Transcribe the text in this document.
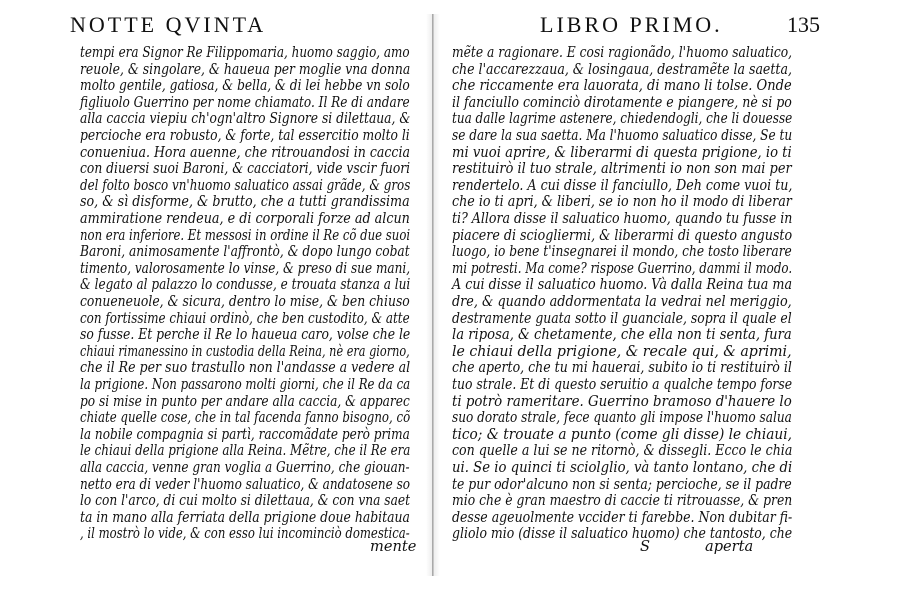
NOTTE QVINTA	LIBRO PRIMO.	135
tempi era Signor Re Filippomaria, huomo saggio, amo
reuole, & singolare, & haueua per moglie vna donna
molto gentile, gatiosa, & bella, & di lei hebbe vn solo
figliuolo Guerrino per nome chiamato. Il Re di andare
alla caccia viepiu ch'ogn'altro Signore si dilettaua, &
percioche era robusto, & forte, tal essercitio molto li
conueniua. Hora auenne, che ritrouandosi in caccia
con diuersi suoi Baroni, & cacciatori, vide vscir fuori
del folto bosco vn'huomo saluatico assai grãde, & gros
so, & sì disforme, & brutto, che a tutti grandissima
ammiratione rendeua, e di corporali forze ad alcun
non era inferiore. Et messosi in ordine il Re cõ due suoi
Baroni, animosamente l'affrontò, & dopo lungo cobat
timento, valorosamente lo vinse, & preso di sue mani,
& legato al palazzo lo condusse, e trouata stanza a lui
conueneuole, & sicura, dentro lo mise, & ben chiuso
con fortissime chiaui ordinò, che ben custodito, & atte
so fusse. Et perche il Re lo haueua caro, volse che le
chiaui rimanessino in custodia della Reina, nè era giorno,
che il Re per suo trastullo non l'andasse a vedere al
la prigione. Non passarono molti giorni, che il Re da ca
po si mise in punto per andare alla caccia, & apparec
chiate quelle cose, che in tal facenda fanno bisogno, cõ
la nobile compagnia si partì, raccomãdate però prima
le chiaui della prigione alla Reina. Mẽtre, che il Re era
alla caccia, venne gran voglia a Guerrino, che giouan-
netto era di veder l'huomo saluatico, & andatosene so
lo con l'arco, di cui molto si dilettaua, & con vna saet
ta in mano alla ferriata della prigione doue habitaua
, il mostrò lo vide, & con esso lui incominciò domestica-
mẽte a ragionare. E cosi ragionãdo, l'huomo saluatico,
che l'accarezzaua, & losingaua, destramẽte la saetta,
che riccamente era lauorata, di mano li tolse. Onde
il fanciullo cominciò dirotamente e piangere, nè si po
tua dalle lagrime astenere, chiedendogli, che li douesse
se dare la sua saetta. Ma l'huomo saluatico disse, Se tu
mi vuoi aprire, & liberarmi di questa prigione, io ti
restituirò il tuo strale, altrimenti io non son mai per
rendertelo. A cui disse il fanciullo, Deh come vuoi tu,
che io ti apri, & liberi, se io non ho il modo di liberar
ti? Allora disse il saluatico huomo, quando tu fusse in
piacere di sciogliermi, & liberarmi di questo angusto
luogo, io bene t'insegnarei il mondo, che tosto liberare
mi potresti. Ma come? rispose Guerrino, dammi il modo.
A cui disse il saluatico huomo. Và dalla Reina tua ma
dre, & quando addormentata la vedrai nel meriggio,
destramente guata sotto il guanciale, sopra il quale el
la riposa, & chetamente, che ella non ti senta, fura
le chiaui della prigione, & recale qui, & aprimi,
che aperto, che tu mi hauerai, subito io ti restituirò il
tuo strale. Et di questo seruitio a qualche tempo forse
ti potrò rameritare. Guerrino bramoso d'hauere lo
suo dorato strale, fece quanto gli impose l'huomo salua
tico; & trouate a punto (come gli disse) le chiaui,
con quelle a lui se ne ritornò, & dissegli. Ecco le chia
ui. Se io quinci ti sciolglio, và tanto lontano, che di
te pur odor'alcuno non si senta; percioche, se il padre
mio che è gran maestro di caccie ti ritrouasse, & pren
desse ageuolmente vccider ti farebbe. Non dubitar fi-
gliolo mio (disse il saluatico huomo) che tantosto, che
mente	S	aperta
